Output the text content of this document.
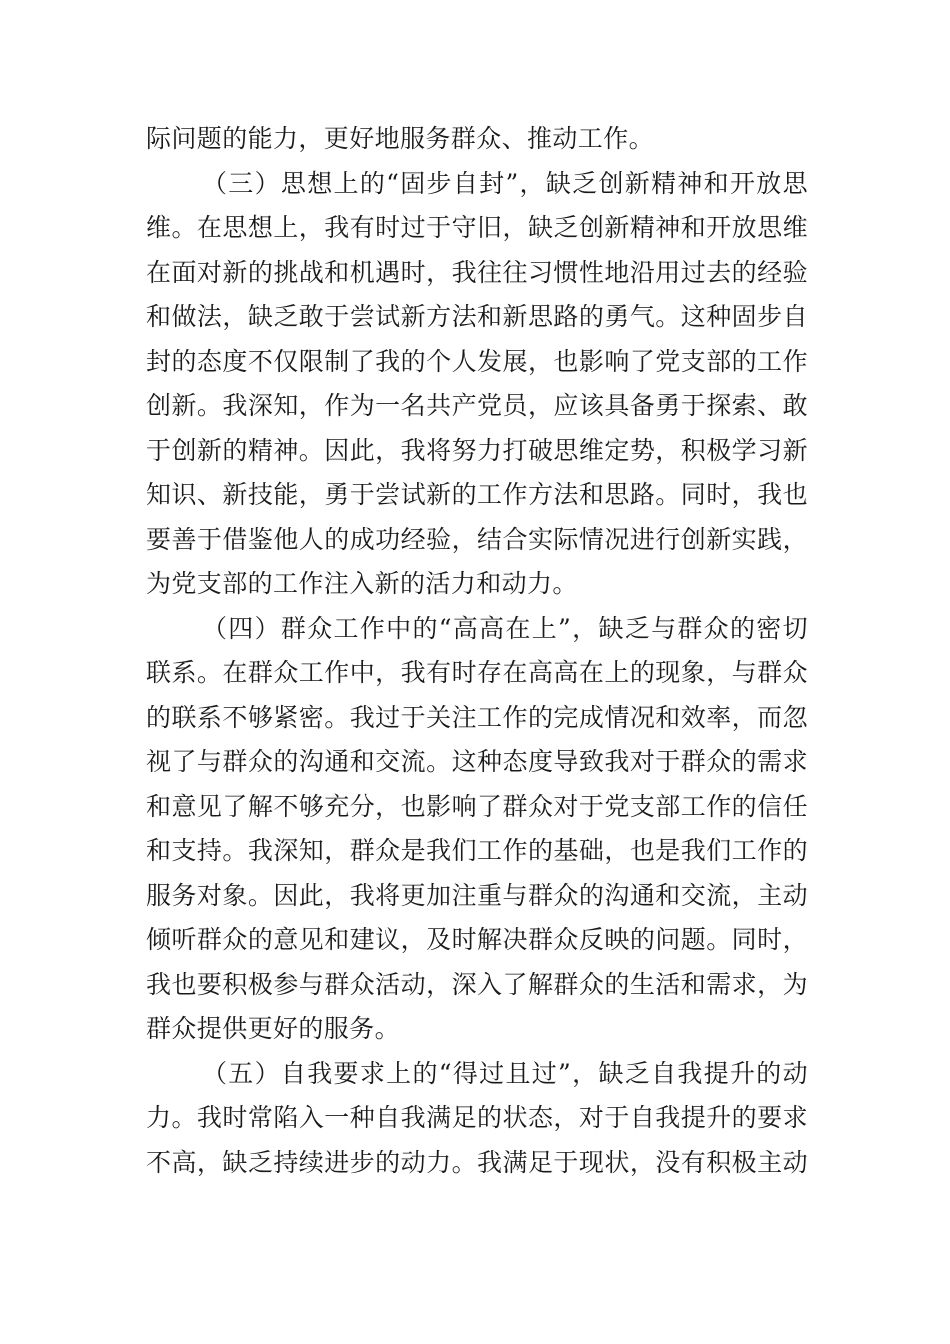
际问题的能力，更好地服务群众、推动工作。
（三）思想上的“固步自封”，缺乏创新精神和开放思
维。在思想上，我有时过于守旧，缺乏创新精神和开放思维
在面对新的挑战和机遇时，我往往习惯性地沿用过去的经验
和做法，缺乏敢于尝试新方法和新思路的勇气。这种固步自
封的态度不仅限制了我的个人发展，也影响了党支部的工作
创新。我深知，作为一名共产党员，应该具备勇于探索、敢
于创新的精神。因此，我将努力打破思维定势，积极学习新
知识、新技能，勇于尝试新的工作方法和思路。同时，我也
要善于借鉴他人的成功经验，结合实际情况进行创新实践，
为党支部的工作注入新的活力和动力。
（四）群众工作中的“高高在上”，缺乏与群众的密切
联系。在群众工作中，我有时存在高高在上的现象，与群众
的联系不够紧密。我过于关注工作的完成情况和效率，而忽
视了与群众的沟通和交流。这种态度导致我对于群众的需求
和意见了解不够充分，也影响了群众对于党支部工作的信任
和支持。我深知，群众是我们工作的基础，也是我们工作的
服务对象。因此，我将更加注重与群众的沟通和交流，主动
倾听群众的意见和建议，及时解决群众反映的问题。同时，
我也要积极参与群众活动，深入了解群众的生活和需求，为
群众提供更好的服务。
（五）自我要求上的“得过且过”，缺乏自我提升的动
力。我时常陷入一种自我满足的状态，对于自我提升的要求
不高，缺乏持续进步的动力。我满足于现状，没有积极主动
